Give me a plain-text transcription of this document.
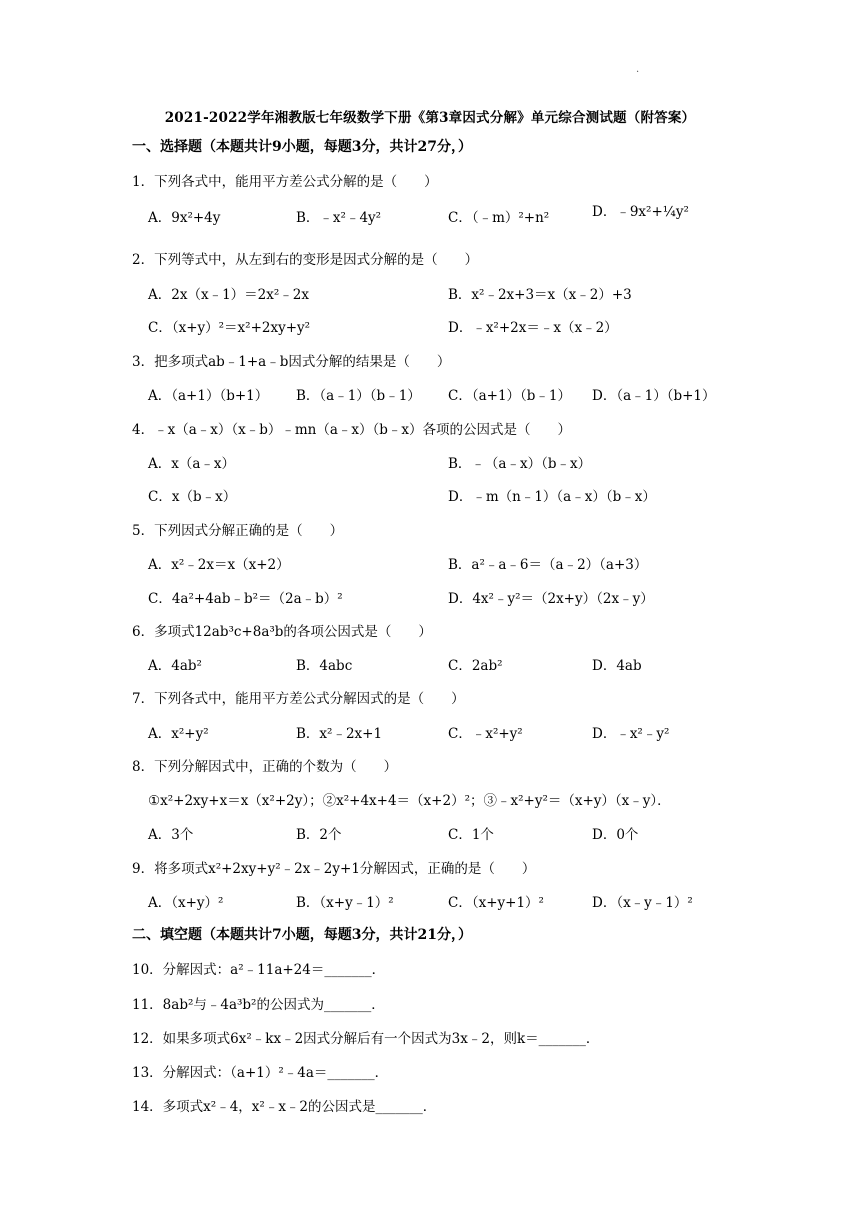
.
2021-2022学年湘教版七年级数学下册《第3章因式分解》单元综合测试题（附答案）
一、选择题（本题共计9小题，每题3分，共计27分，）
1．下列各式中，能用平方差公式分解的是（　　）
A．9x²+4y	B．﹣x²﹣4y²	C．（﹣m）²+n²	D．﹣9x²+¼y²
2．下列等式中，从左到右的变形是因式分解的是（　　）
A．2x（x﹣1）＝2x²﹣2x	B．x²﹣2x+3＝x（x﹣2）+3
C．（x+y）²＝x²+2xy+y²	D．﹣x²+2x＝﹣x（x﹣2）
3．把多项式ab﹣1+a﹣b因式分解的结果是（　　）
A．（a+1）（b+1） B．（a﹣1）（b﹣1） C．（a+1）（b﹣1） D．（a﹣1）（b+1）
4．﹣x（a﹣x）（x﹣b）﹣mn（a﹣x）（b﹣x）各项的公因式是（　　）
A．x（a﹣x）	B．﹣（a﹣x）（b﹣x）
C．x（b﹣x）	D．﹣m（n﹣1）（a﹣x）（b﹣x）
5．下列因式分解正确的是（　　）
A．x²﹣2x＝x（x+2）	B．a²﹣a﹣6＝（a﹣2）（a+3）
C．4a²+4ab﹣b²＝（2a﹣b）²	D．4x²﹣y²＝（2x+y）（2x﹣y）
6．多项式12ab³c+8a³b的各项公因式是（　　）
A．4ab²	B．4abc	C．2ab²	D．4ab
7．下列各式中，能用平方差公式分解因式的是（　　）
A．x²+y²	B．x²﹣2x+1	C．﹣x²+y²	D．﹣x²﹣y²
8．下列分解因式中，正确的个数为（　　）
①x²+2xy+x＝x（x²+2y）；②x²+4x+4＝（x+2）²；③﹣x²+y²＝（x+y）（x﹣y）．
A．3个	B．2个	C．1个	D．0个
9．将多项式x²+2xy+y²﹣2x﹣2y+1分解因式，正确的是（　　）
A．（x+y）²	B．（x+y﹣1）²	C．（x+y+1）²	D．（x﹣y﹣1）²
二、填空题（本题共计7小题，每题3分，共计21分，）
10．分解因式：a²﹣11a+24＝_______．
11．8ab²与﹣4a³b²的公因式为_______．
12．如果多项式6x²﹣kx﹣2因式分解后有一个因式为3x﹣2，则k＝_______．
13．分解因式：（a+1）²﹣4a＝_______．
14．多项式x²﹣4，x²﹣x﹣2的公因式是_______．
